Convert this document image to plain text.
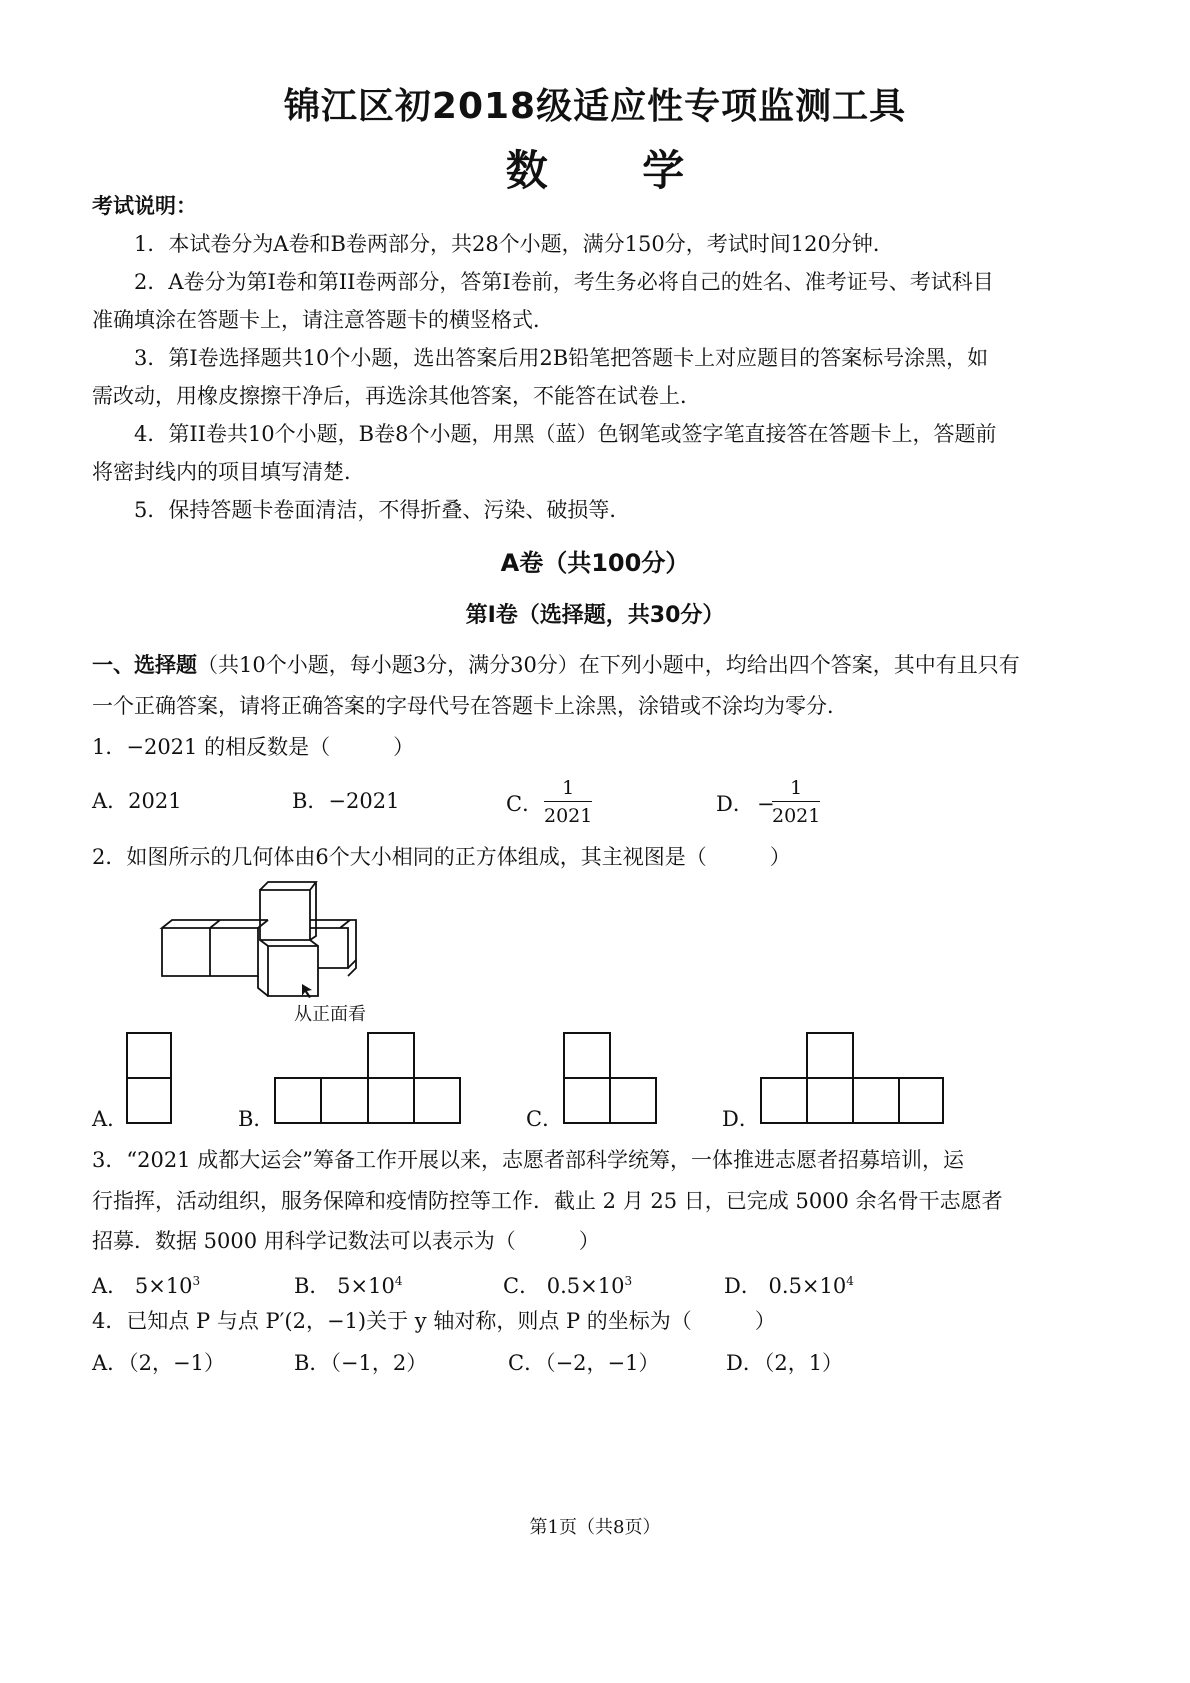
锦江区初2018级适应性专项监测工具
数 学
考试说明：
1．本试卷分为A卷和B卷两部分，共28个小题，满分150分，考试时间120分钟．
2．A卷分为第I卷和第II卷两部分，答第I卷前，考生务必将自己的姓名、准考证号、考试科目
准确填涂在答题卡上，请注意答题卡的横竖格式．
3．第I卷选择题共10个小题，选出答案后用2B铅笔把答题卡上对应题目的答案标号涂黑，如
需改动，用橡皮擦擦干净后，再选涂其他答案，不能答在试卷上．
4．第II卷共10个小题，B卷8个小题，用黑（蓝）色钢笔或签字笔直接答在答题卡上，答题前
将密封线内的项目填写清楚．
5．保持答题卡卷面清洁，不得折叠、污染、破损等．
A卷（共100分）
第I卷（选择题，共30分）
一、选择题（共10个小题，每小题3分，满分30分）在下列小题中，均给出四个答案，其中有且只有
一个正确答案，请将正确答案的字母代号在答题卡上涂黑，涂错或不涂均为零分．
1．−2021 的相反数是（　　　）
A．2021	B．−2021	C． $\frac{1}{2021}$	D． −
$\frac{1}{2021}$
2．如图所示的几何体由6个大小相同的正方体组成，其主视图是（　　　）
从正面看
A．	B．	C．	D．
3．“2021 成都大运会”筹备工作开展以来，志愿者部科学统筹，一体推进志愿者招募培训，运
行指挥，活动组织，服务保障和疫情防控等工作．截止 2 月 25 日，已完成 5000 余名骨干志愿者
招募．数据 5000 用科学记数法可以表示为（　　　）
A． $5\times 10^3$	B． $5\times 10^4$	C． $0.5\times 10^3$	D． $0.5\times 10^4$
4．已知点 P 与点 P′(2，−1)关于 y 轴对称，则点 P 的坐标为（　　　）
A．（2，−1）	B．（−1，2）	C．（−2，−1）	D．（2，1）
第1页（共8页）
